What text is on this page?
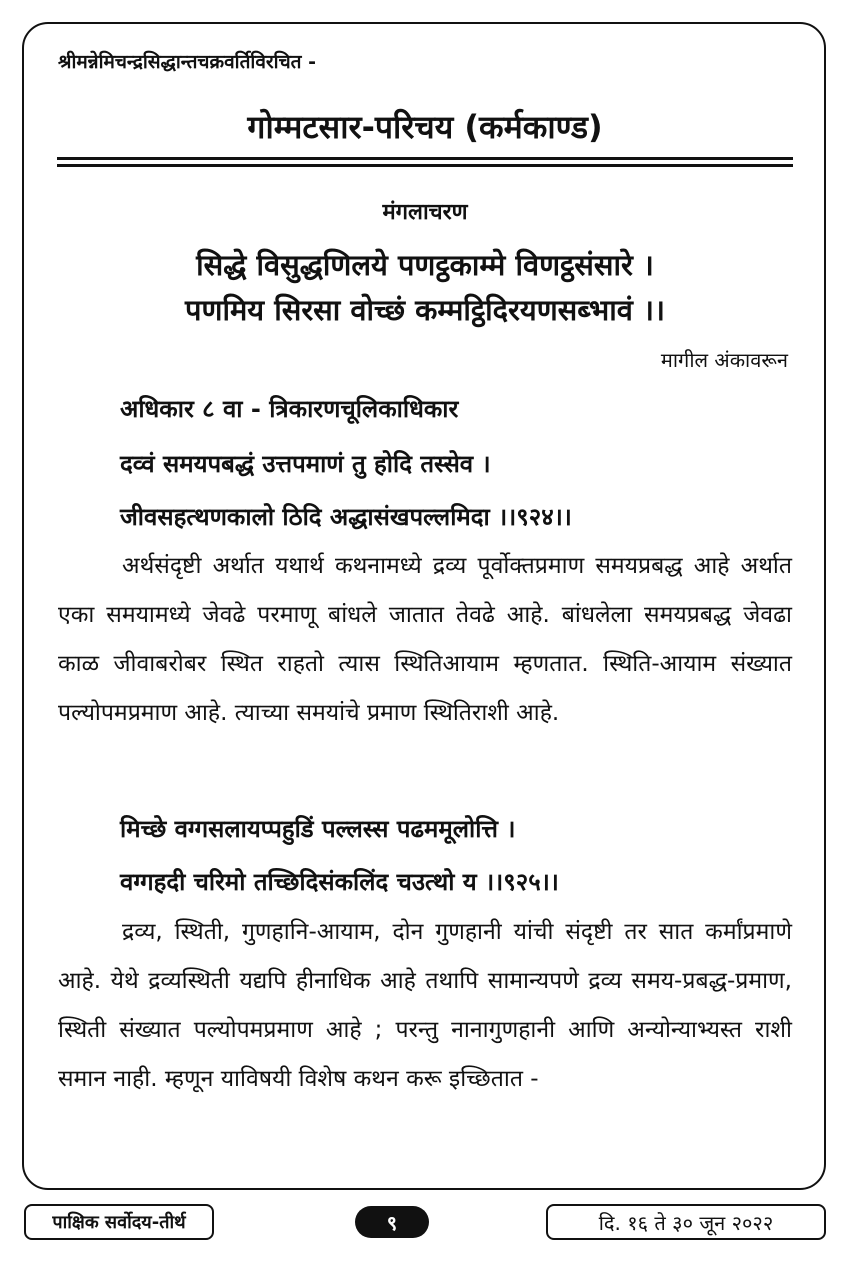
श्रीमन्नेमिचन्द्रसिद्धान्तचक्रवर्तिविरचित -
गोम्मटसार-परिचय (कर्मकाण्ड)
मंगलाचरण
सिद्धे विसुद्धणिलये पणट्ठकाम्मे विणट्ठसंसारे ।
पणमिय सिरसा वोच्छं कम्मट्ठिदिरयणसब्भावं ।।
मागील अंकावरून
अधिकार ८ वा - त्रिकारणचूलिकाधिकार
दव्वं समयपबद्धं उत्तपमाणं तु होदि तस्सेव ।
जीवसहत्थणकालो ठिदि अद्धासंखपल्लमिदा ।।९२४।।

अर्थसंदृष्टी अर्थात यथार्थ कथनामध्ये द्रव्य पूर्वोक्तप्रमाण समयप्रबद्ध आहे अर्थात एका समयामध्ये जेवढे परमाणू बांधले जातात तेवढे आहे. बांधलेला समयप्रबद्ध जेवढा काळ जीवाबरोबर स्थित राहतो त्यास स्थितिआयाम म्हणतात. स्थिति-आयाम संख्यात पल्योपमप्रमाण आहे. त्याच्या समयांचे प्रमाण स्थितिराशी आहे.

मिच्छे वग्गसलायप्पहुडिं पल्लस्स पढममूलोत्ति ।
वग्गहदी चरिमो तच्छिदिसंकलिंद चउत्थो य ।।९२५।।

द्रव्य, स्थिती, गुणहानि-आयाम, दोन गुणहानी यांची संदृष्टी तर सात कर्मांप्रमाणे आहे. येथे द्रव्यस्थिती यद्यपि हीनाधिक आहे तथापि सामान्यपणे द्रव्य समय-प्रबद्ध-प्रमाण, स्थिती संख्यात पल्योपमप्रमाण आहे ; परन्तु नानागुणहानी आणि अन्योन्याभ्यस्त राशी समान नाही. म्हणून याविषयी विशेष कथन करू इच्छितात -

पाक्षिक सर्वोदय-तीर्थ	९	दि. १६ ते ३० जून २०२२
